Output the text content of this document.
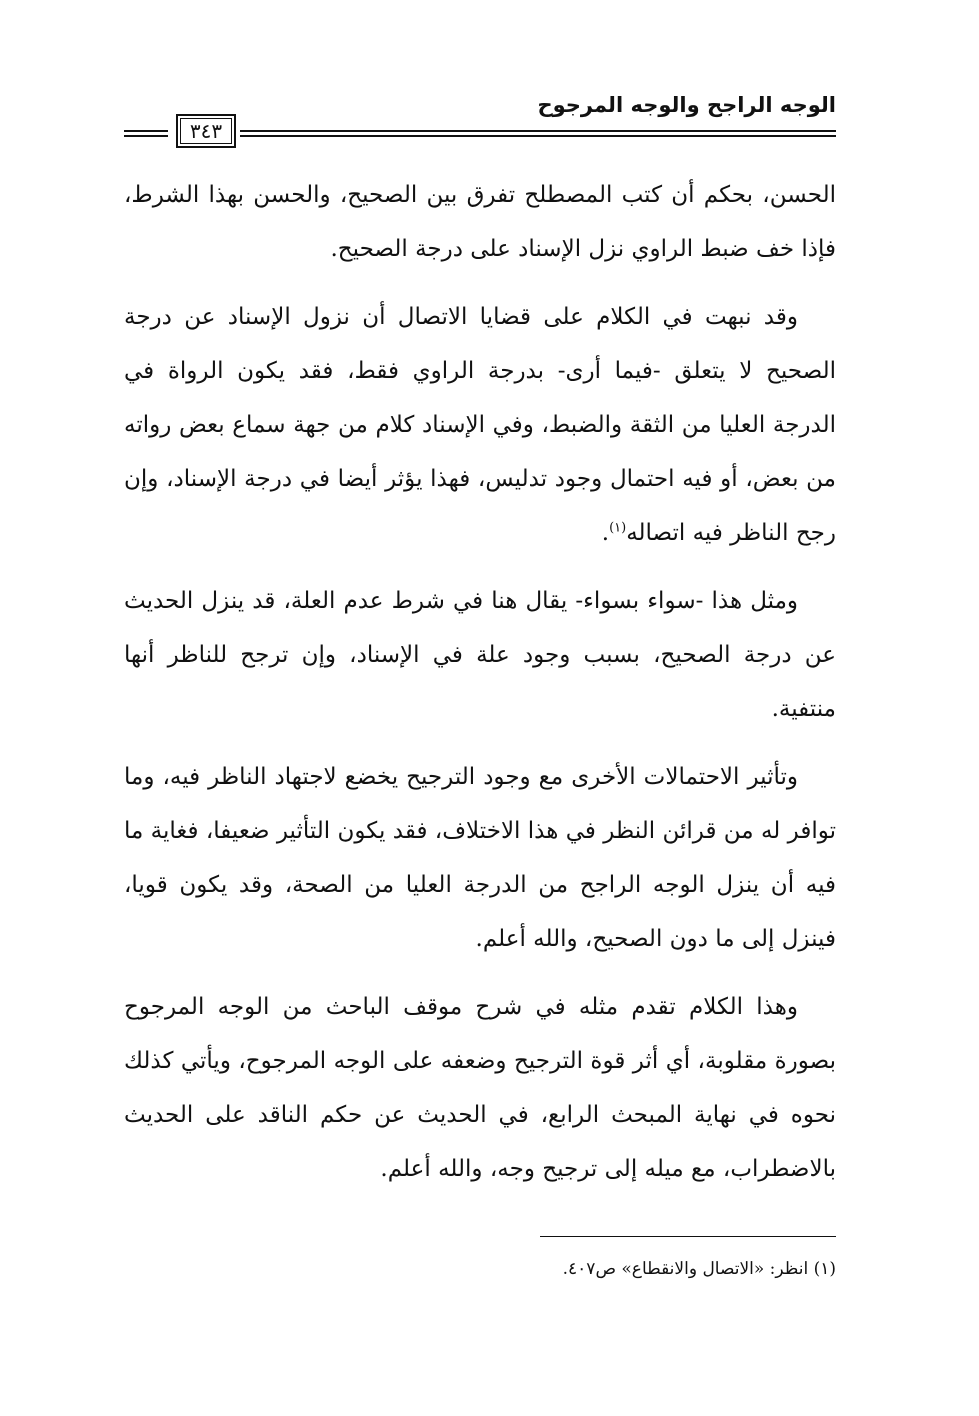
الوجه الراجح والوجه المرجوح
٣٤٣

الحسن، بحكم أن كتب المصطلح تفرق بين الصحيح، والحسن بهذا الشرط، فإذا خف ضبط الراوي نزل الإسناد على درجة الصحيح.

وقد نبهت في الكلام على قضايا الاتصال أن نزول الإسناد عن درجة الصحيح لا يتعلق -فيما أرى- بدرجة الراوي فقط، فقد يكون الرواة في الدرجة العليا من الثقة والضبط، وفي الإسناد كلام من جهة سماع بعض رواته من بعض، أو فيه احتمال وجود تدليس، فهذا يؤثر أيضا في درجة الإسناد، وإن رجح الناظر فيه اتصاله$^{(١)}$.

ومثل هذا -سواء بسواء- يقال هنا في شرط عدم العلة، قد ينزل الحديث عن درجة الصحيح، بسبب وجود علة في الإسناد، وإن ترجح للناظر أنها منتفية.

وتأثير الاحتمالات الأخرى مع وجود الترجيح يخضع لاجتهاد الناظر فيه، وما توافر له من قرائن النظر في هذا الاختلاف، فقد يكون التأثير ضعيفا، فغاية ما فيه أن ينزل الوجه الراجح من الدرجة العليا من الصحة، وقد يكون قويا، فينزل إلى ما دون الصحيح، والله أعلم.

وهذا الكلام تقدم مثله في شرح موقف الباحث من الوجه المرجوح بصورة مقلوبة، أي أثر قوة الترجيح وضعفه على الوجه المرجوح، ويأتي كذلك نحوه في نهاية المبحث الرابع، في الحديث عن حكم الناقد على الحديث بالاضطراب، مع ميله إلى ترجيح وجه، والله أعلم.

(١) انظر: «الاتصال والانقطاع» ص٤٠٧.
